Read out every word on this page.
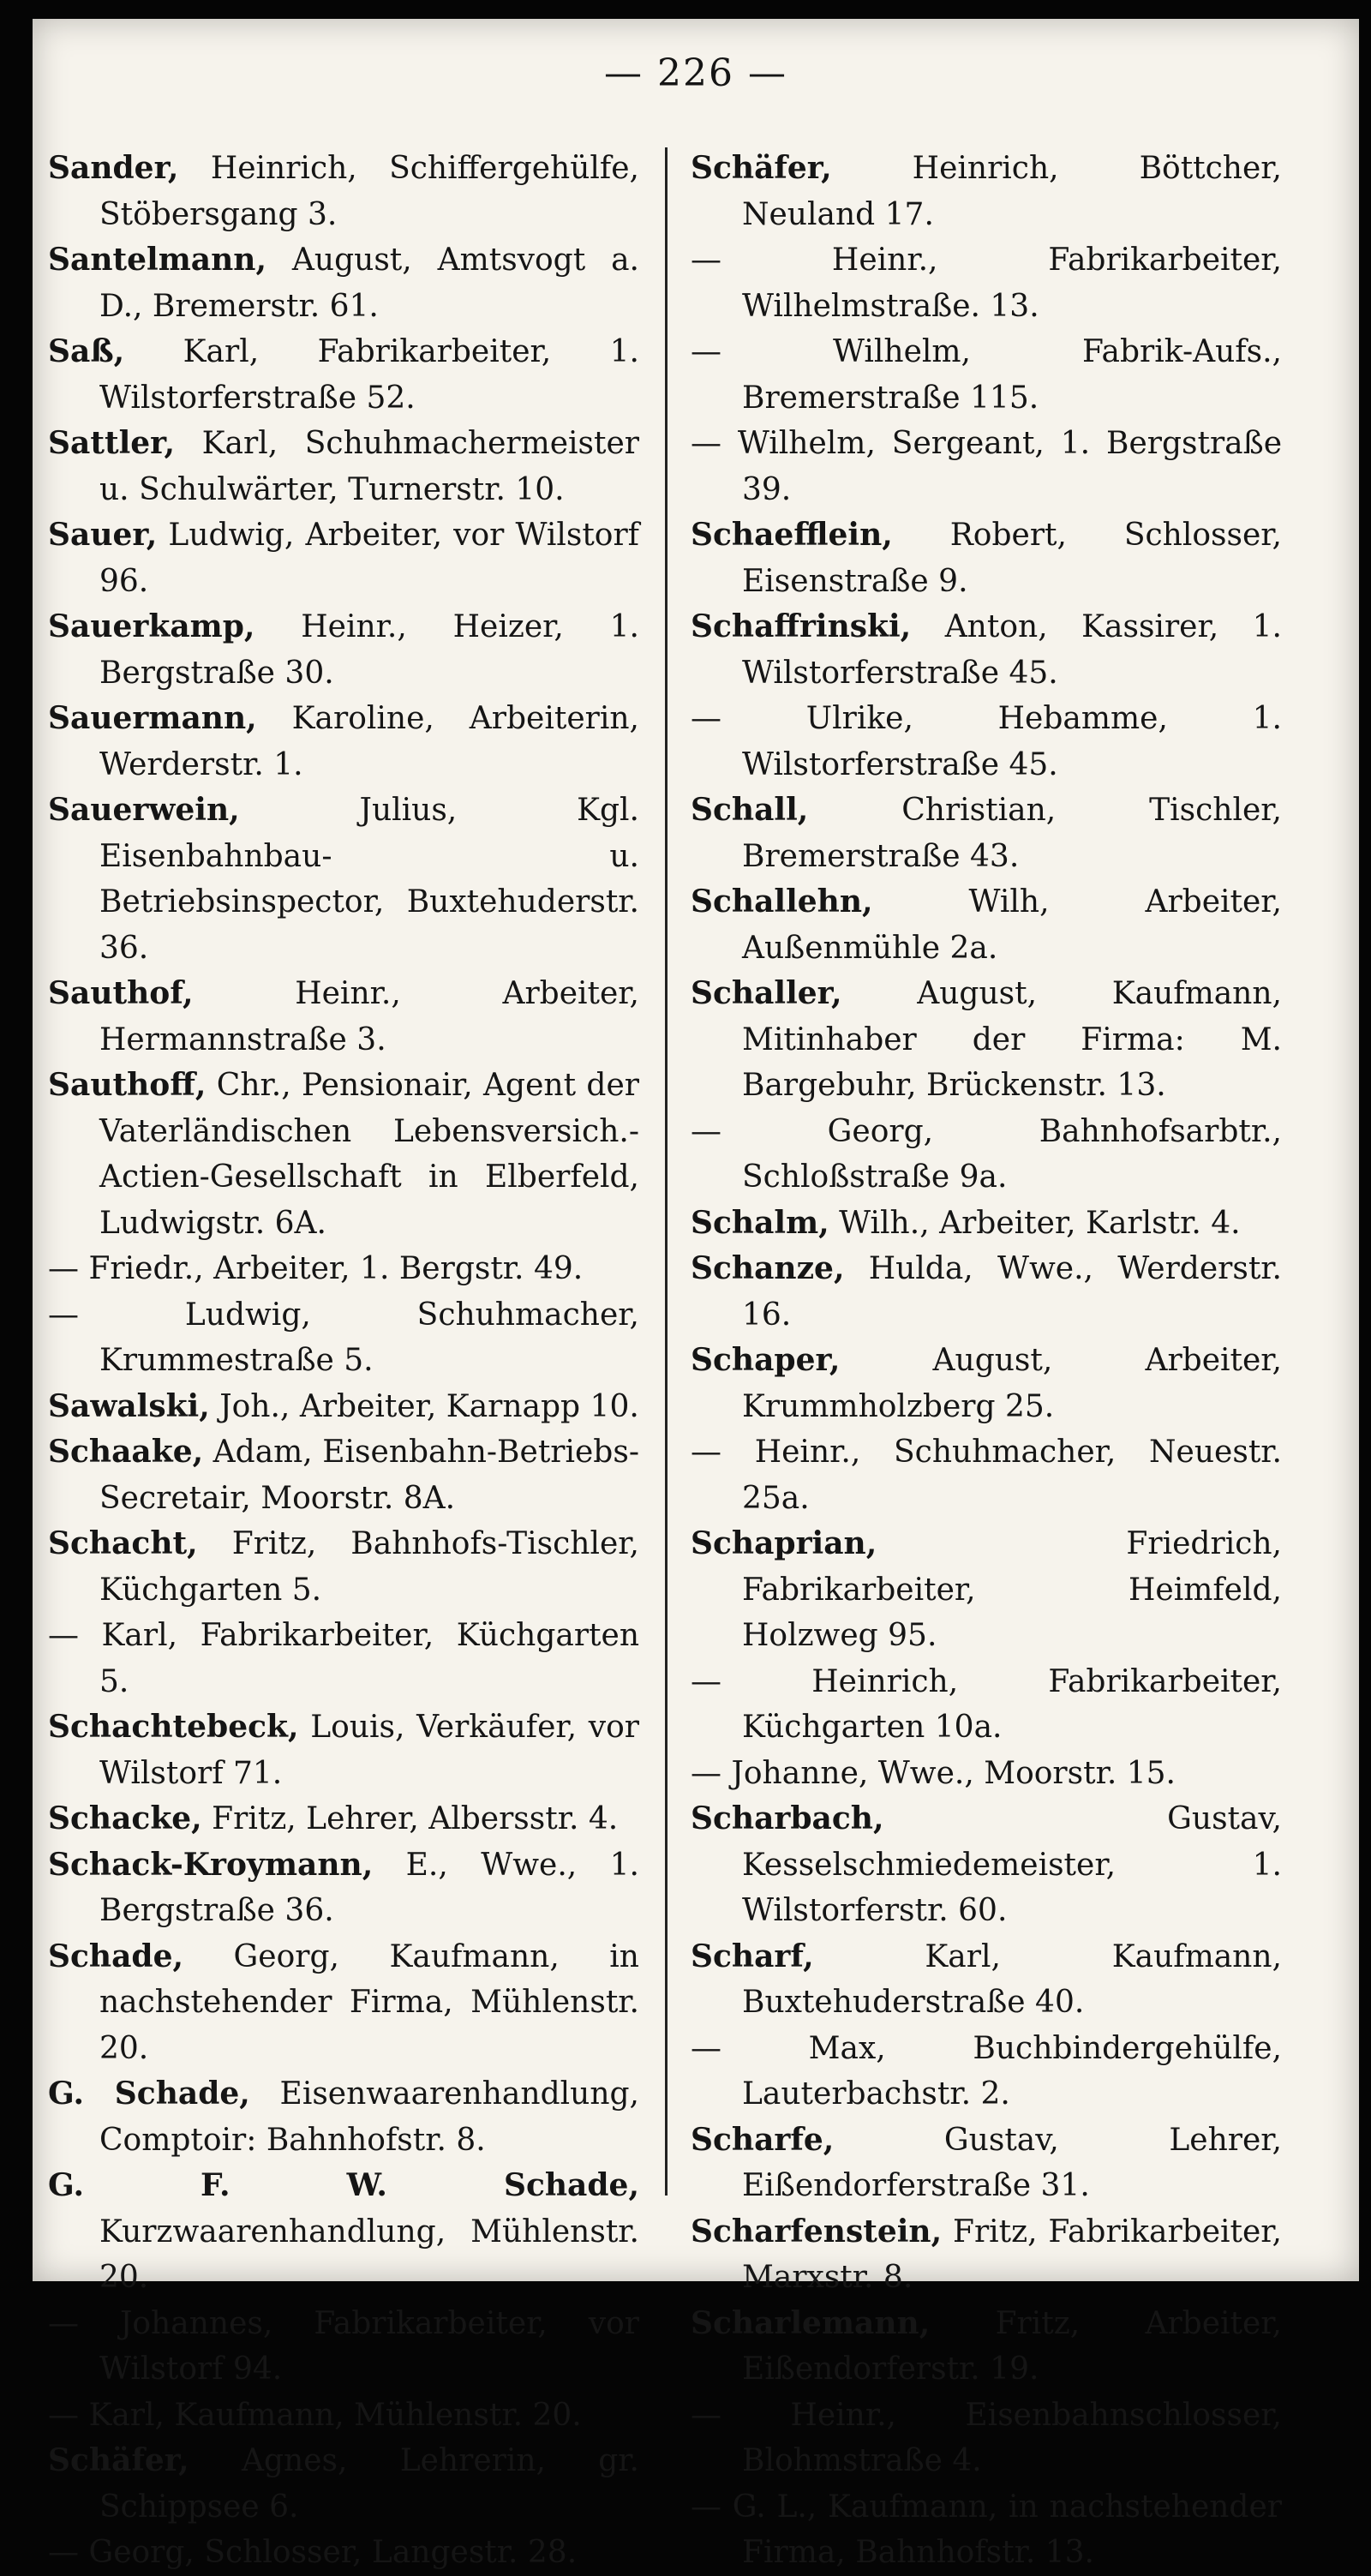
— 226 —

Sander, Heinrich, Schiffergehülfe, Stöbersgang 3.

Santelmann, August, Amtsvogt a. D., Bremerstr. 61.

Saß, Karl, Fabrikarbeiter, 1. Wilstorferstraße 52.

Sattler, Karl, Schuhmachermeister u. Schulwärter, Turnerstr. 10.

Sauer, Ludwig, Arbeiter, vor Wilstorf 96.

Sauerkamp, Heinr., Heizer, 1. Bergstraße 30.

Sauermann, Karoline, Arbeiterin, Werderstr. 1.

Sauerwein, Julius, Kgl. Eisenbahnbau- u. Betriebsinspector, Buxtehuderstr. 36.

Sauthof, Heinr., Arbeiter, Hermannstraße 3.

Sauthoff, Chr., Pensionair, Agent der Vaterländischen Lebensversich.-Actien-Gesellschaft in Elberfeld, Ludwigstr. 6A.

— Friedr., Arbeiter, 1. Bergstr. 49.

— Ludwig, Schuhmacher, Krummestraße 5.

Sawalski, Joh., Arbeiter, Karnapp 10.

Schaake, Adam, Eisenbahn-Betriebs-Secretair, Moorstr. 8A.

Schacht, Fritz, Bahnhofs-Tischler, Küchgarten 5.

— Karl, Fabrikarbeiter, Küchgarten 5.

Schachtebeck, Louis, Verkäufer, vor Wilstorf 71.

Schacke, Fritz, Lehrer, Albersstr. 4.

Schack-Kroymann, E., Wwe., 1. Bergstraße 36.

Schade, Georg, Kaufmann, in nachstehender Firma, Mühlenstr. 20.

G. Schade, Eisenwaarenhandlung, Comptoir: Bahnhofstr. 8.

G. F. W. Schade, Kurzwaarenhandlung, Mühlenstr. 20.

— Johannes, Fabrikarbeiter, vor Wilstorf 94.

— Karl, Kaufmann, Mühlenstr. 20.

Schäfer, Agnes, Lehrerin, gr. Schippsee 6.

— Georg, Schlosser, Langestr. 28.

Schäfer, Heinrich, Böttcher, Neuland 17.

— Heinr., Fabrikarbeiter, Wilhelmstraße. 13.

— Wilhelm, Fabrik-Aufs., Bremerstraße 115.

— Wilhelm, Sergeant, 1. Bergstraße 39.

Schaefflein, Robert, Schlosser, Eisenstraße 9.

Schaffrinski, Anton, Kassirer, 1. Wilstorferstraße 45.

— Ulrike, Hebamme, 1. Wilstorferstraße 45.

Schall, Christian, Tischler, Bremerstraße 43.

Schallehn, Wilh, Arbeiter, Außenmühle 2a.

Schaller, August, Kaufmann, Mitinhaber der Firma: M. Bargebuhr, Brückenstr. 13.

— Georg, Bahnhofsarbtr., Schloßstraße 9a.

Schalm, Wilh., Arbeiter, Karlstr. 4.

Schanze, Hulda, Wwe., Werderstr. 16.

Schaper, August, Arbeiter, Krummholzberg 25.

— Heinr., Schuhmacher, Neuestr. 25a.

Schaprian, Friedrich, Fabrikarbeiter, Heimfeld, Holzweg 95.

— Heinrich, Fabrikarbeiter, Küchgarten 10a.

— Johanne, Wwe., Moorstr. 15.

Scharbach, Gustav, Kesselschmiedemeister, 1. Wilstorferstr. 60.

Scharf, Karl, Kaufmann, Buxtehuderstraße 40.

— Max, Buchbindergehülfe, Lauterbachstr. 2.

Scharfe, Gustav, Lehrer, Eißendorferstraße 31.

Scharfenstein, Fritz, Fabrikarbeiter, Marxstr. 8.

Scharlemann, Fritz, Arbeiter, Eißendorferstr. 19.

— Heinr., Eisenbahnschlosser, Blohmstraße 4.

— G. L., Kaufmann, in nachstehender Firma, Bahnhofstr. 13.
